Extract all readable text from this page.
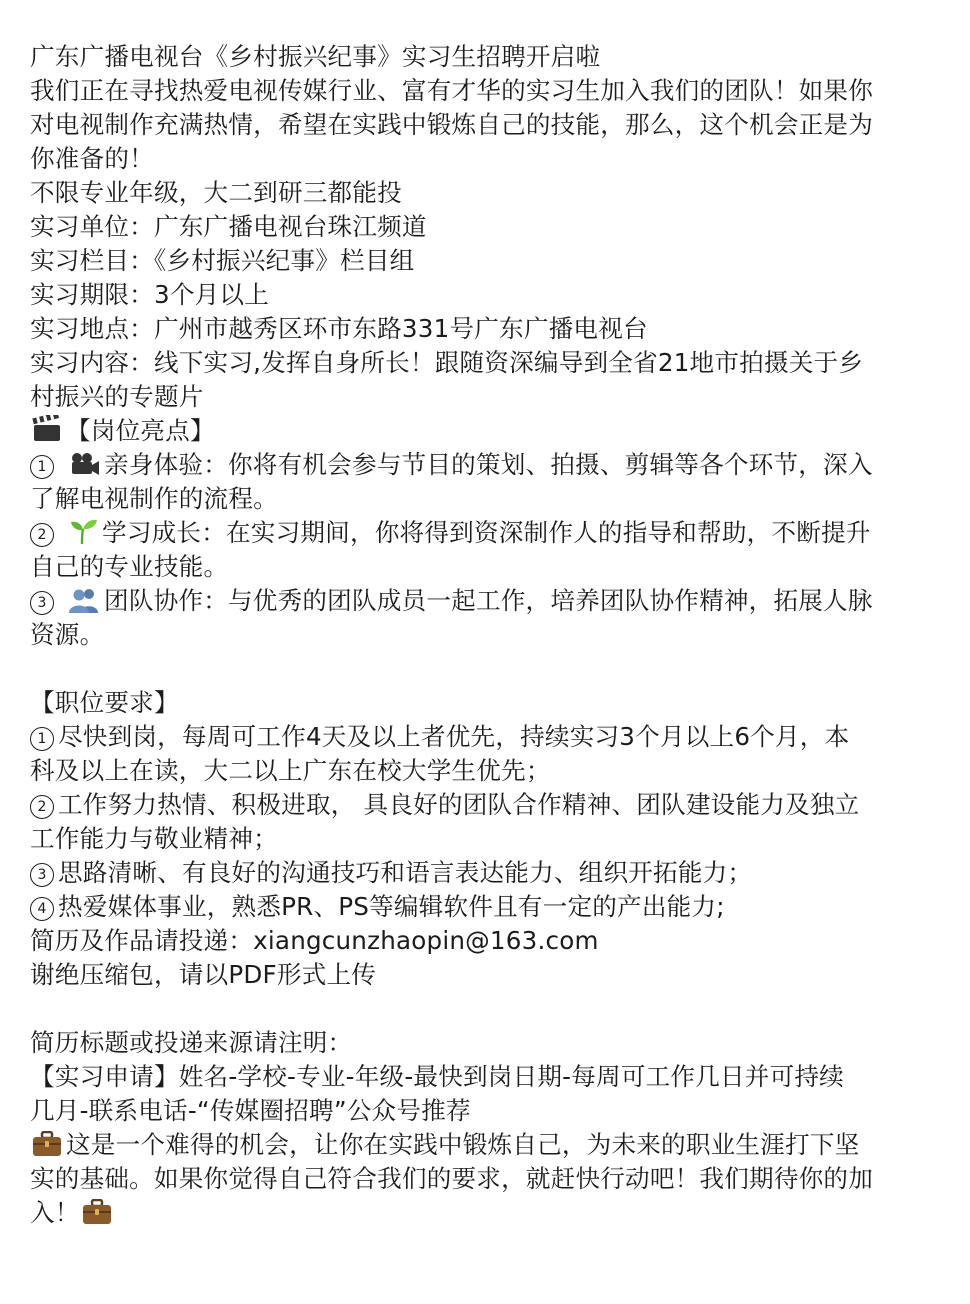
广东广播电视台《乡村振兴纪事》实习生招聘开启啦
我们正在寻找热爱电视传媒行业、富有才华的实习生加入我们的团队！如果你
对电视制作充满热情，希望在实践中锻炼自己的技能，那么，这个机会正是为
你准备的！
不限专业年级，大二到研三都能投
实习单位：广东广播电视台珠江频道
实习栏目：《乡村振兴纪事》栏目组
实习期限：3个月以上
实习地点：广州市越秀区环市东路331号广东广播电视台
实习内容：线下实习,发挥自身所长！跟随资深编导到全省21地市拍摄关于乡
村振兴的专题片
【岗位亮点】
1 亲身体验：你将有机会参与节目的策划、拍摄、剪辑等各个环节，深入
了解电视制作的流程。
2 学习成长：在实习期间，你将得到资深制作人的指导和帮助，不断提升
自己的专业技能。
3 团队协作：与优秀的团队成员一起工作，培养团队协作精神，拓展人脉
资源。
【职位要求】
1 尽快到岗，每周可工作4天及以上者优先，持续实习3个月以上6个月，本
科及以上在读，大二以上广东在校大学生优先；
2 工作努力热情、积极进取， 具良好的团队合作精神、团队建设能力及独立
工作能力与敬业精神；
3 思路清晰、有良好的沟通技巧和语言表达能力、组织开拓能力；
4 热爱媒体事业，熟悉PR、PS等编辑软件且有一定的产出能力;
简历及作品请投递：xiangcunzhaopin@163.com
谢绝压缩包，请以PDF形式上传
简历标题或投递来源请注明：
【实习申请】姓名-学校-专业-年级-最快到岗日期-每周可工作几日并可持续
几月-联系电话-“传媒圈招聘”公众号推荐
这是一个难得的机会，让你在实践中锻炼自己，为未来的职业生涯打下坚
实的基础。如果你觉得自己符合我们的要求，就赶快行动吧！我们期待你的加
入！
